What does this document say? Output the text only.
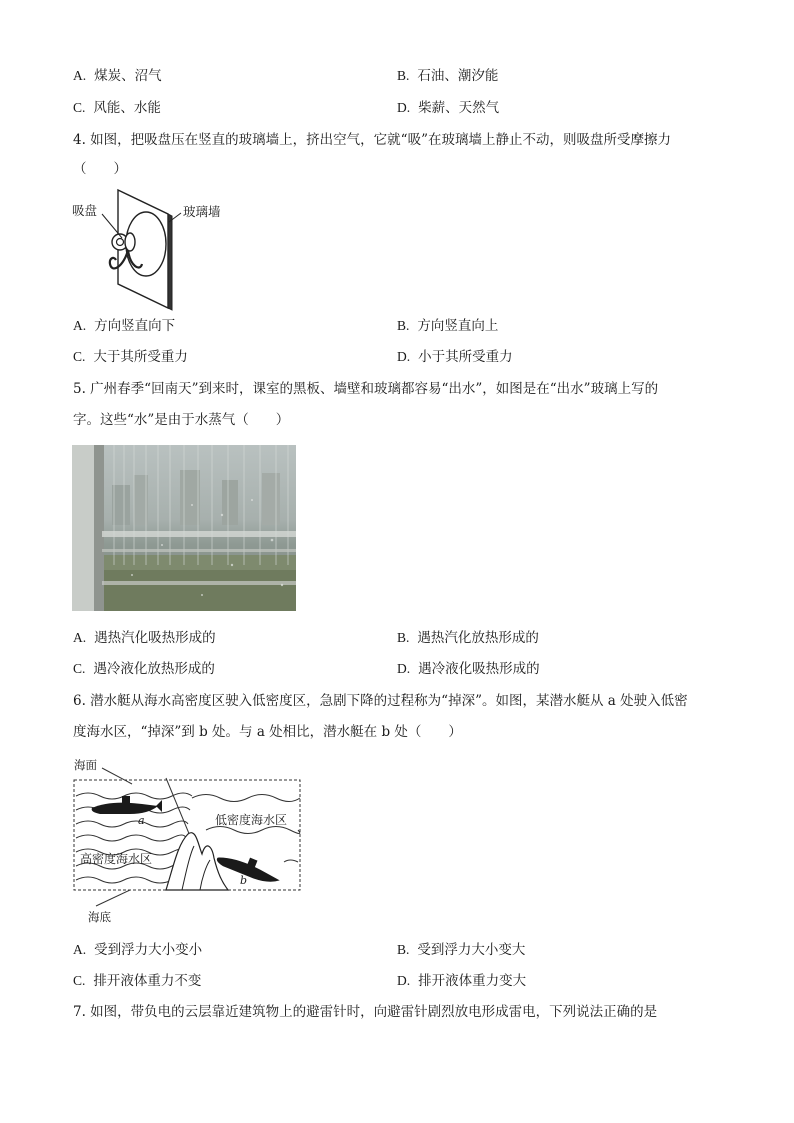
A. 煤炭、沼气	B. 石油、潮汐能
C. 风能、水能	D. 柴薪、天然气
4. 如图，把吸盘压在竖直的玻璃墙上，挤出空气，它就“吸”在玻璃墙上静止不动，则吸盘所受摩擦力
（　　）
吸盘	玻璃墙
A. 方向竖直向下	B. 方向竖直向上
C. 大于其所受重力	D. 小于其所受重力
5. 广州春季“回南天”到来时，课室的黑板、墙壁和玻璃都容易“出水”，如图是在“出水”玻璃上写的
字。这些“水”是由于水蒸气（　　）
A. 遇热汽化吸热形成的	B. 遇热汽化放热形成的
C. 遇冷液化放热形成的	D. 遇冷液化吸热形成的
6. 潜水艇从海水高密度区驶入低密度区，急剧下降的过程称为“掉深”。如图，某潜水艇从 a 处驶入低密
度海水区，“掉深”到 b 处。与 a 处相比，潜水艇在 b 处（　　）
海面
低密度海水区
高密度海水区
海底
a
b
A. 受到浮力大小变小	B. 受到浮力大小变大
C. 排开液体重力不变	D. 排开液体重力变大
7. 如图，带负电的云层靠近建筑物上的避雷针时，向避雷针剧烈放电形成雷电，下列说法正确的是
